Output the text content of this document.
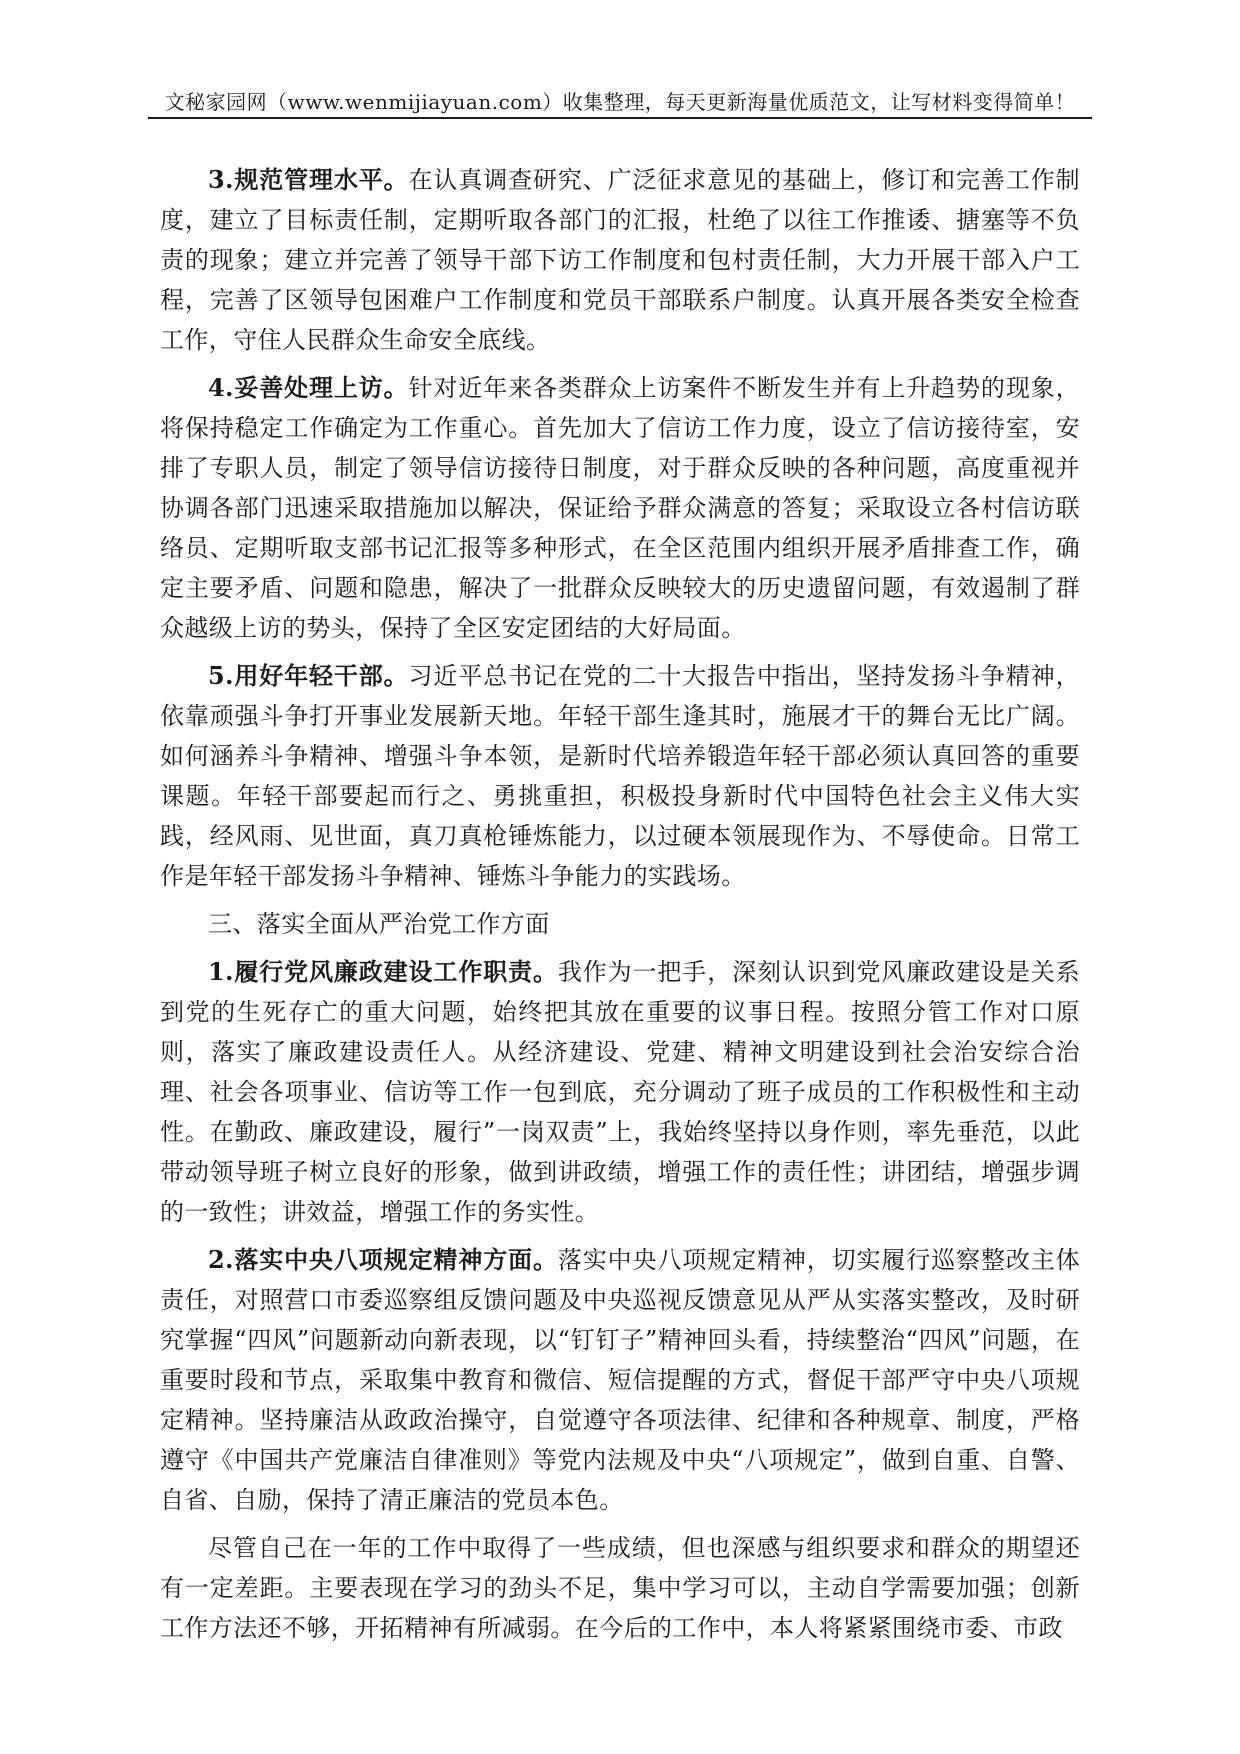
文秘家园网（www.wenmijiayuan.com）收集整理，每天更新海量优质范文，让写材料变得简单！

3.规范管理水平。在认真调查研究、广泛征求意见的基础上，修订和完善工作制度，建立了目标责任制，定期听取各部门的汇报，杜绝了以往工作推诿、搪塞等不负责的现象；建立并完善了领导干部下访工作制度和包村责任制，大力开展干部入户工程，完善了区领导包困难户工作制度和党员干部联系户制度。认真开展各类安全检查工作，守住人民群众生命安全底线。

4.妥善处理上访。针对近年来各类群众上访案件不断发生并有上升趋势的现象，将保持稳定工作确定为工作重心。首先加大了信访工作力度，设立了信访接待室，安排了专职人员，制定了领导信访接待日制度，对于群众反映的各种问题，高度重视并协调各部门迅速采取措施加以解决，保证给予群众满意的答复；采取设立各村信访联络员、定期听取支部书记汇报等多种形式，在全区范围内组织开展矛盾排查工作，确定主要矛盾、问题和隐患，解决了一批群众反映较大的历史遗留问题，有效遏制了群众越级上访的势头，保持了全区安定团结的大好局面。

5.用好年轻干部。习近平总书记在党的二十大报告中指出，坚持发扬斗争精神，依靠顽强斗争打开事业发展新天地。年轻干部生逢其时，施展才干的舞台无比广阔。如何涵养斗争精神、增强斗争本领，是新时代培养锻造年轻干部必须认真回答的重要课题。年轻干部要起而行之、勇挑重担，积极投身新时代中国特色社会主义伟大实践，经风雨、见世面，真刀真枪锤炼能力，以过硬本领展现作为、不辱使命。日常工作是年轻干部发扬斗争精神、锤炼斗争能力的实践场。

三、落实全面从严治党工作方面

1.履行党风廉政建设工作职责。我作为一把手，深刻认识到党风廉政建设是关系到党的生死存亡的重大问题，始终把其放在重要的议事日程。按照分管工作对口原则，落实了廉政建设责任人。从经济建设、党建、精神文明建设到社会治安综合治理、社会各项事业、信访等工作一包到底，充分调动了班子成员的工作积极性和主动性。在勤政、廉政建设，履行”一岗双责”上，我始终坚持以身作则，率先垂范，以此带动领导班子树立良好的形象，做到讲政绩，增强工作的责任性；讲团结，增强步调的一致性；讲效益，增强工作的务实性。

2.落实中央八项规定精神方面。落实中央八项规定精神，切实履行巡察整改主体责任，对照营口市委巡察组反馈问题及中央巡视反馈意见从严从实落实整改，及时研究掌握“四风”问题新动向新表现，以“钉钉子”精神回头看，持续整治“四风”问题，在重要时段和节点，采取集中教育和微信、短信提醒的方式，督促干部严守中央八项规定精神。坚持廉洁从政政治操守，自觉遵守各项法律、纪律和各种规章、制度，严格遵守《中国共产党廉洁自律准则》等党内法规及中央“八项规定”，做到自重、自警、自省、自励，保持了清正廉洁的党员本色。

尽管自己在一年的工作中取得了一些成绩，但也深感与组织要求和群众的期望还有一定差距。主要表现在学习的劲头不足，集中学习可以，主动自学需要加强；创新工作方法还不够，开拓精神有所减弱。在今后的工作中，本人将紧紧围绕市委、市政
